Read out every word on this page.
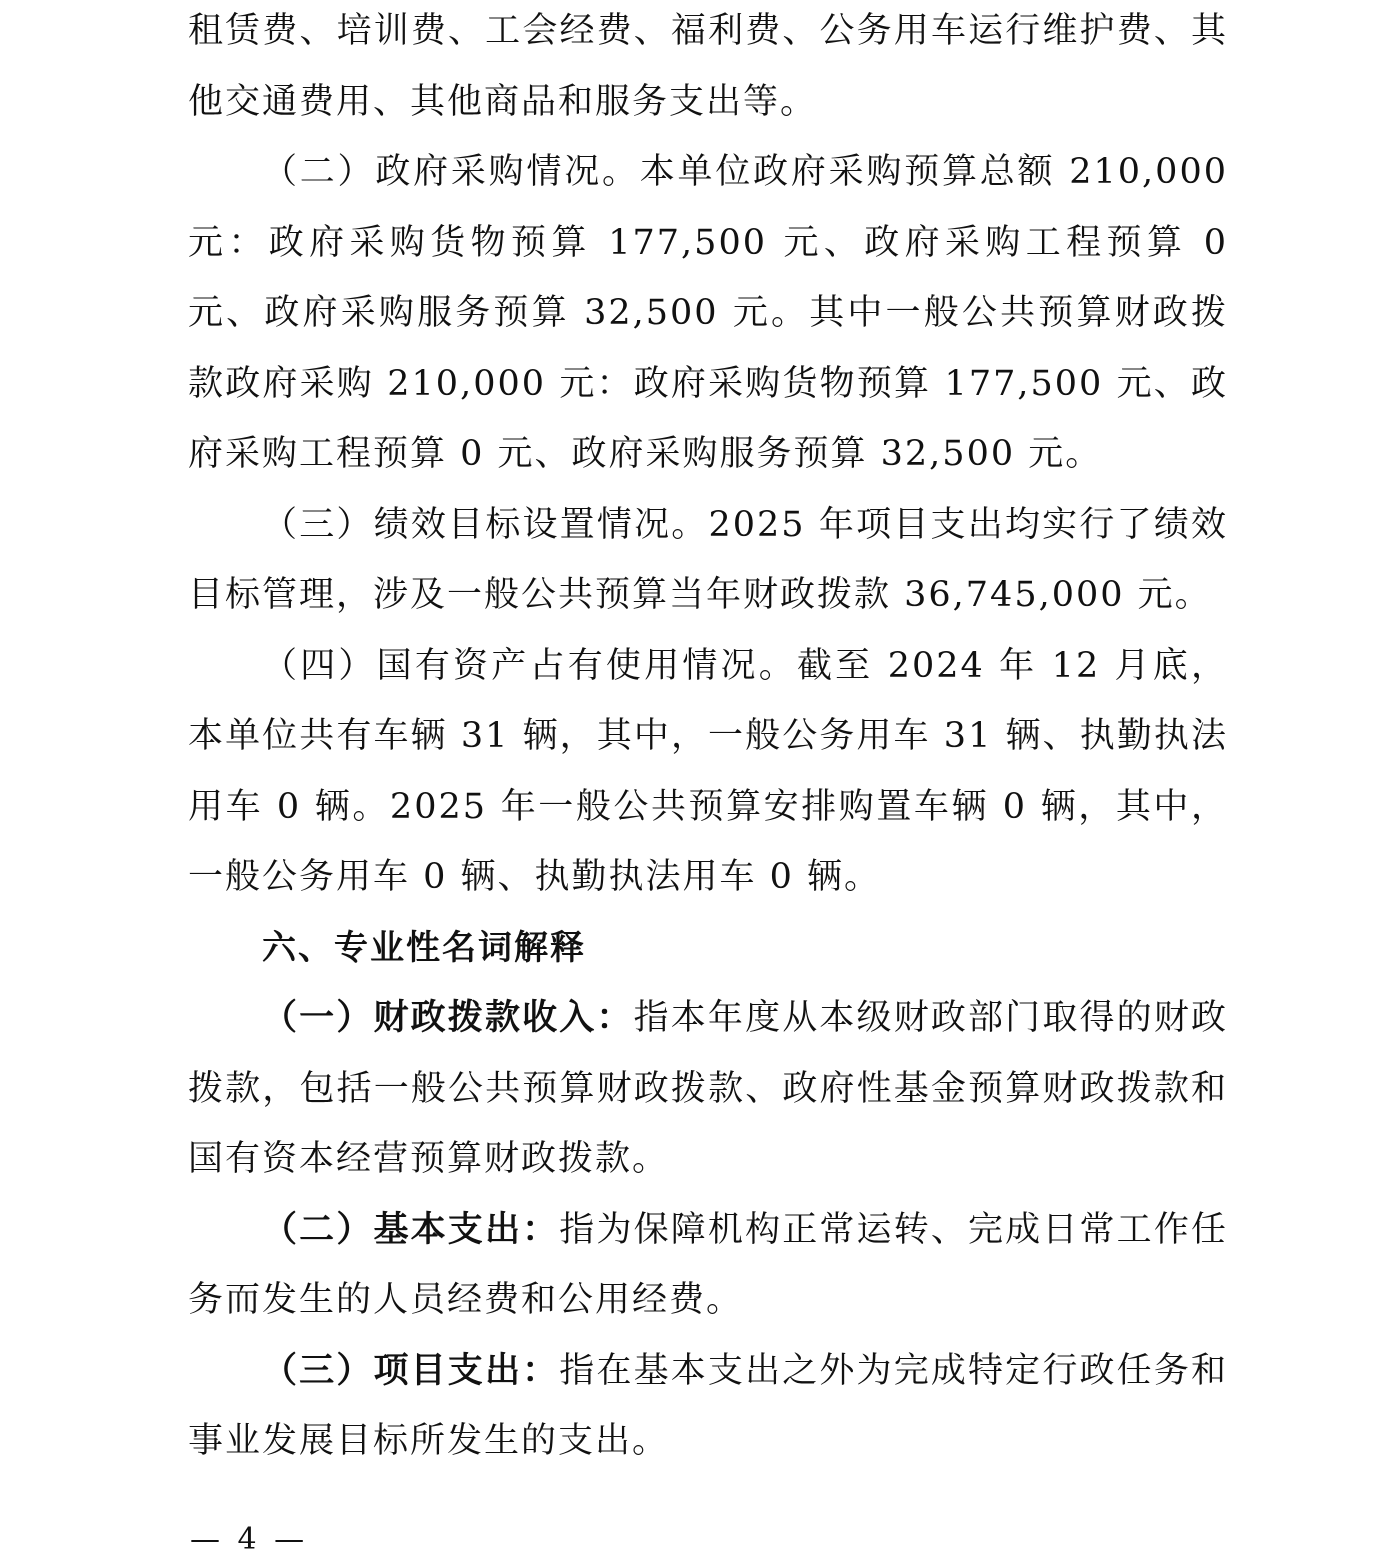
租赁费、培训费、工会经费、福利费、公务用车运行维护费、其他交通费用、其他商品和服务支出等。

（二）政府采购情况。本单位政府采购预算总额 210,000 元：政府采购货物预算 177,500 元、政府采购工程预算 0 元、政府采购服务预算 32,500 元。其中一般公共预算财政拨款政府采购 210,000 元：政府采购货物预算 177,500 元、政府采购工程预算 0 元、政府采购服务预算 32,500 元。

（三）绩效目标设置情况。2025 年项目支出均实行了绩效目标管理，涉及一般公共预算当年财政拨款 36,745,000 元。

（四）国有资产占有使用情况。截至 2024 年 12 月底，本单位共有车辆 31 辆，其中，一般公务用车 31 辆、执勤执法用车 0 辆。2025 年一般公共预算安排购置车辆 0 辆，其中，一般公务用车 0 辆、执勤执法用车 0 辆。

六、专业性名词解释

（一）财政拨款收入：指本年度从本级财政部门取得的财政拨款，包括一般公共预算财政拨款、政府性基金预算财政拨款和国有资本经营预算财政拨款。

（二）基本支出：指为保障机构正常运转、完成日常工作任务而发生的人员经费和公用经费。

（三）项目支出：指在基本支出之外为完成特定行政任务和事业发展目标所发生的支出。

— 4 —
